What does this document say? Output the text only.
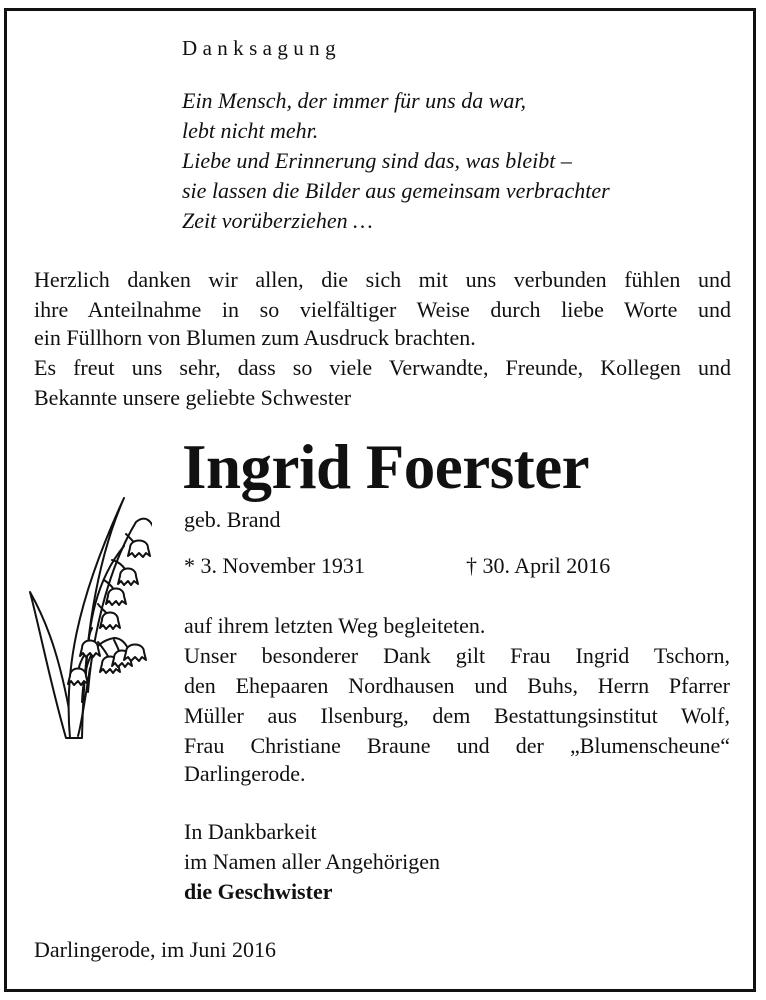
Danksagung
Ein Mensch, der immer für uns da war,
lebt nicht mehr.
Liebe und Erinnerung sind das, was bleibt –
sie lassen die Bilder aus gemeinsam verbrachter
Zeit vorüberziehen …
Herzlich danken wir allen, die sich mit uns verbunden fühlen und
ihre Anteilnahme in so vielfältiger Weise durch liebe Worte und
ein Füllhorn von Blumen zum Ausdruck brachten.
Es freut uns sehr, dass so viele Verwandte, Freunde, Kollegen und
Bekannte unsere geliebte Schwester
Ingrid Foerster
geb. Brand
* 3. November 1931	† 30. April 2016
auf ihrem letzten Weg begleiteten.
Unser besonderer Dank gilt Frau Ingrid Tschorn,
den Ehepaaren Nordhausen und Buhs, Herrn Pfarrer
Müller aus Ilsenburg, dem Bestattungsinstitut Wolf,
Frau Christiane Braune und der „Blumenscheune“
Darlingerode.
In Dankbarkeit
im Namen aller Angehörigen
die Geschwister
Darlingerode, im Juni 2016
